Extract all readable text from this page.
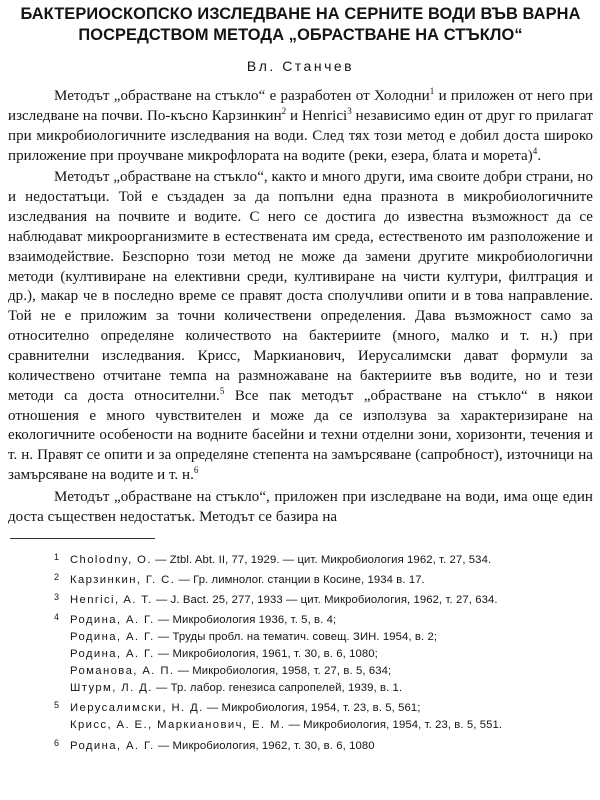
БАКТЕРИОСКОПСКО ИЗСЛЕДВАНЕ НА СЕРНИТЕ ВОДИ ВЪВ ВАРНА
ПОСРЕДСТВОМ МЕТОДА „ОБРАСТВАНЕ НА СТЪКЛО“
Вл. Станчев

Методът „обрастване на стъкло“ е разработен от Холодни$^1$ и приложен от него при изследване на почви. По-късно Карзинкин$^2$ и Henrici$^3$ независимо един от друг го прилагат при микробиологичните изследвания на води. След тях този метод е добил доста широко приложение при проучване микрофлората на водите (реки, езера, блата и морета)$^4$.

Методът „обрастване на стъкло“, както и много други, има своите добри страни, но и недостатъци. Той е създаден за да попълни една празнота в микробиологичните изследвания на почвите и водите. С него се достига до известна възможност да се наблюдават микроорганизмите в естествената им среда, естественото им разположение и взаимодействие. Безспорно този метод не може да замени другите микробиологични методи (култивиране на елективни среди, култивиране на чисти култури, филтрация и др.), макар че в последно време се правят доста сполучливи опити и в това направление. Той не е приложим за точни количествени определения. Дава възможност само за относително определяне количеството на бактериите (много, малко и т. н.) при сравнителни изследвания. Крисс, Маркианович, Иерусалимски дават формули за количествено отчитане темпа на размножаване на бактериите във водите, но и тези методи са доста относителни.$^5$ Все пак методът „обрастване на стъкло“ в някои отношения е много чувствителен и може да се използува за характеризиране на екологичните особености на водните басейни и техни отделни зони, хоризонти, течения и т. н. Правят се опити и за определяне степента на замърсяване (сапробност), източници на замърсяване на водите и т. н.$^6$

Методът „обрастване на стъкло“, приложен при изследване на води, има още един доста съществен недостатък. Методът се базира на

1 Cholodny, O. — Ztbl. Abt. II, 77, 1929. — цит. Микробиология 1962, т. 27, 534.
2 Карзинкин, Г. С. — Гр. лимнолог. станции в Косине, 1934 в. 17.
3 Henrici, A. T. — J. Bact. 25, 277, 1933 — цит. Микробиология, 1962, т. 27, 634.
4 Родина, А. Г. — Микробиология 1936, т. 5, в. 4;
Родина, А. Г. — Труды пробл. на тематич. совещ. ЗИН. 1954, в. 2;
Родина, А. Г. — Микробиология, 1961, т. 30, в. 6, 1080;
Романова, А. П. — Микробиология, 1958, т. 27, в. 5, 634;
Штурм, Л. Д. — Тр. лабор. генезиса сапропелей, 1939, в. 1.
5 Иерусалимски, Н. Д. — Микробиология, 1954, т. 23, в. 5, 561;
Крисс, А. Е., Маркианович, Е. М. — Микробиология, 1954, т. 23, в. 5, 551.
6 Родина, А. Г. — Микробиология, 1962, т. 30, в. 6, 1080
